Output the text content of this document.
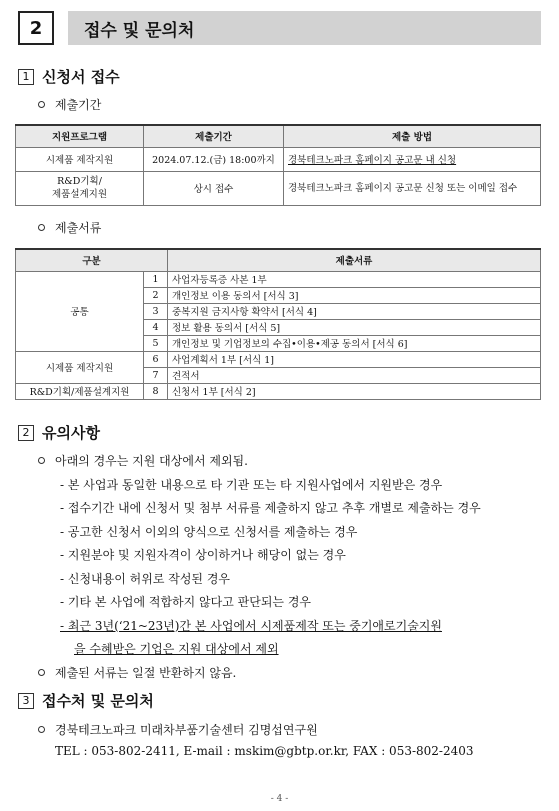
2	접수 및 문의처
1 신청서 접수
제출기간
지원프로그램	제출기간	제출 방법
시제품 제작지원	2024.07.12.(금) 18:00까지	경북테크노파크 홈페이지 공고문 내 신청
R&D기획/
제품설계지원	상시 접수	경북테크노파크 홈페이지 공고문 신청 또는 이메일 접수
제출서류
구분		제출서류
공통	1	사업자등록증 사본 1부
	2	개인정보 이용 동의서 [서식 3]
	3	중복지원 금지사항 확약서 [서식 4]
	4	정보 활용 동의서 [서식 5]
	5	개인정보 및 기업정보의 수집•이용•제공 동의서 [서식 6]
시제품 제작지원	6	사업계획서 1부 [서식 1]
	7	견적서
R&D기획/제품설계지원	8	신청서 1부 [서식 2]
2 유의사항
아래의 경우는 지원 대상에서 제외됨.
- 본 사업과 동일한 내용으로 타 기관 또는 타 지원사업에서 지원받은 경우
- 접수기간 내에 신청서 및 첨부 서류를 제출하지 않고 추후 개별로 제출하는 경우
- 공고한 신청서 이외의 양식으로 신청서를 제출하는 경우
- 지원분야 및 지원자격이 상이하거나 해당이 없는 경우
- 신청내용이 허위로 작성된 경우
- 기타 본 사업에 적합하지 않다고 판단되는 경우
- 최근 3년(‘21~23년)간 본 사업에서 시제품제작 또는 중기애로기술지원
을 수혜받은 기업은 지원 대상에서 제외
제출된 서류는 일절 반환하지 않음.
3 접수처 및 문의처
경북테크노파크 미래차부품기술센터 김명섭연구원
TEL : 053-802-2411, E-mail : mskim@gbtp.or.kr, FAX : 053-802-2403
- 4 -
